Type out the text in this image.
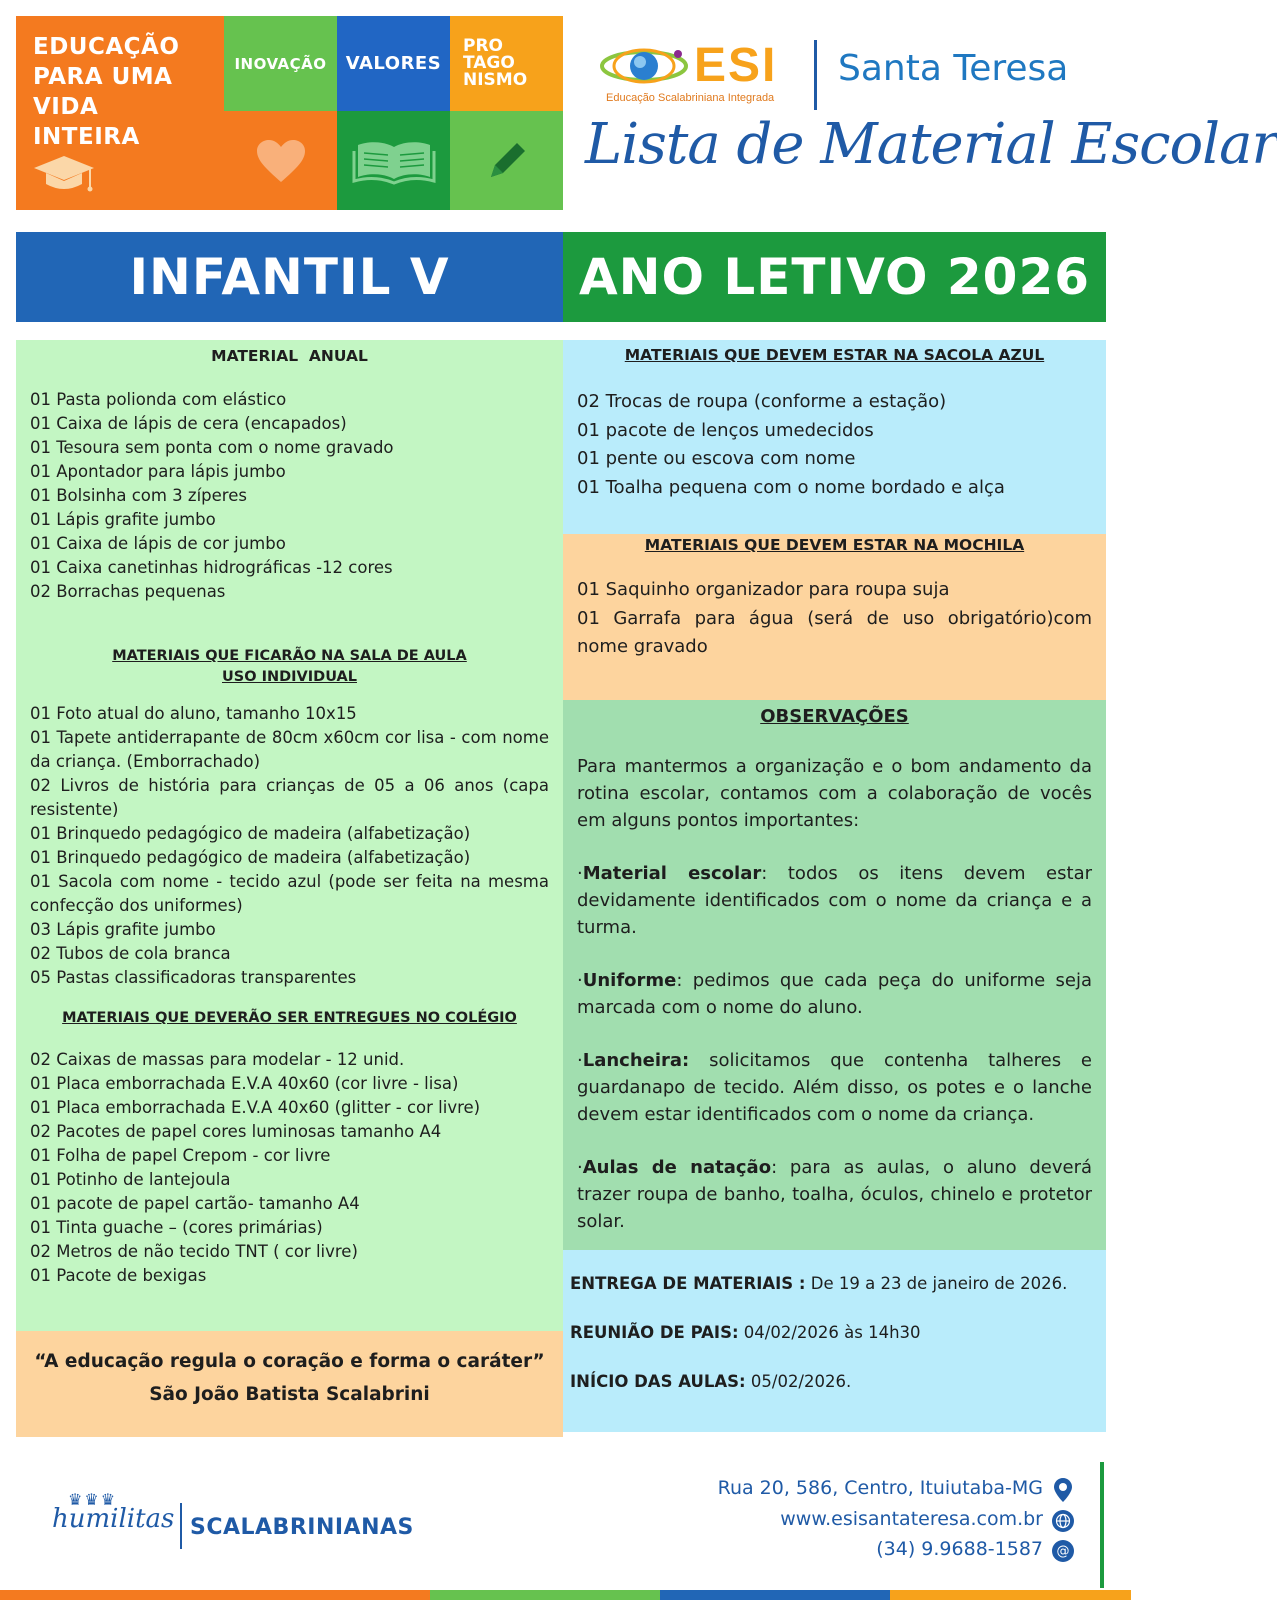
EDUCAÇÃO
PARA UMA
VIDA
INTEIRA
INOVAÇÃO VALORES
PRO
TAGO
NISMO	ESI
Educação Scalabriniana Integrada
Santa Teresa
Lista de Material Escolar
INFANTIL V	ANO LETIVO 2026
MATERIAL  ANUAL
01 Pasta polionda com elástico
01 Caixa de lápis de cera (encapados)
01 Tesoura sem ponta com o nome gravado
01 Apontador para lápis jumbo
01 Bolsinha com 3 zíperes
01 Lápis grafite jumbo
01 Caixa de lápis de cor jumbo
01 Caixa canetinhas hidrográficas -12 cores
02 Borrachas pequenas
MATERIAIS QUE FICARÃO NA SALA DE AULA
USO INDIVIDUAL
01 Foto atual do aluno, tamanho 10x15
01 Tapete antiderrapante de 80cm x60cm cor lisa - com nome da criança. (Emborrachado)
02 Livros de história para crianças de 05 a 06 anos (capa resistente)
01 Brinquedo pedagógico de madeira (alfabetização)
01 Brinquedo pedagógico de madeira (alfabetização)
01 Sacola com nome - tecido azul (pode ser feita na mesma confecção dos uniformes)
03 Lápis grafite jumbo
02 Tubos de cola branca
05 Pastas classificadoras transparentes
MATERIAIS QUE DEVERÃO SER ENTREGUES NO COLÉGIO
02 Caixas de massas para modelar - 12 unid.
01 Placa emborrachada E.V.A 40x60 (cor livre - lisa)
01 Placa emborrachada E.V.A 40x60 (glitter - cor livre)
02 Pacotes de papel cores luminosas tamanho A4
01 Folha de papel Crepom - cor livre
01 Potinho de lantejoula
01 pacote de papel cartão- tamanho A4
01 Tinta guache – (cores primárias)
02 Metros de não tecido TNT ( cor livre)
01 Pacote de bexigas
“A educação regula o coração e forma o caráter”
São João Batista Scalabrini
MATERIAIS QUE DEVEM ESTAR NA SACOLA AZUL
02 Trocas de roupa (conforme a estação)
01 pacote de lenços umedecidos
01 pente ou escova com nome
01 Toalha pequena com o nome bordado e alça
MATERIAIS QUE DEVEM ESTAR NA MOCHILA
01 Saquinho organizador para roupa suja
01 Garrafa para água (será de uso obrigatório)com nome gravado
OBSERVAÇÕES

Para mantermos a organização e o bom andamento da rotina escolar, contamos com a colaboração de vocês em alguns pontos importantes:

·Material escolar: todos os itens devem estar devidamente identificados com o nome da criança e a turma.

·Uniforme: pedimos que cada peça do uniforme seja marcada com o nome do aluno.

·Lancheira: solicitamos que contenha talheres e guardanapo de tecido. Além disso, os potes e o lanche devem estar identificados com o nome da criança.

·Aulas de natação: para as aulas, o aluno deverá trazer roupa de banho, toalha, óculos, chinelo e protetor solar.

ENTREGA DE MATERIAIS : De 19 a 23 de janeiro de 2026.
REUNIÃO DE PAIS: 04/02/2026 às 14h30
INÍCIO DAS AULAS: 05/02/2026.
♛♛♛
humilitas SCALABRINIANAS
Rua 20, 586, Centro, Ituiutaba-MG
www.esisantateresa.com.br
(34) 9.9688-1587	@
